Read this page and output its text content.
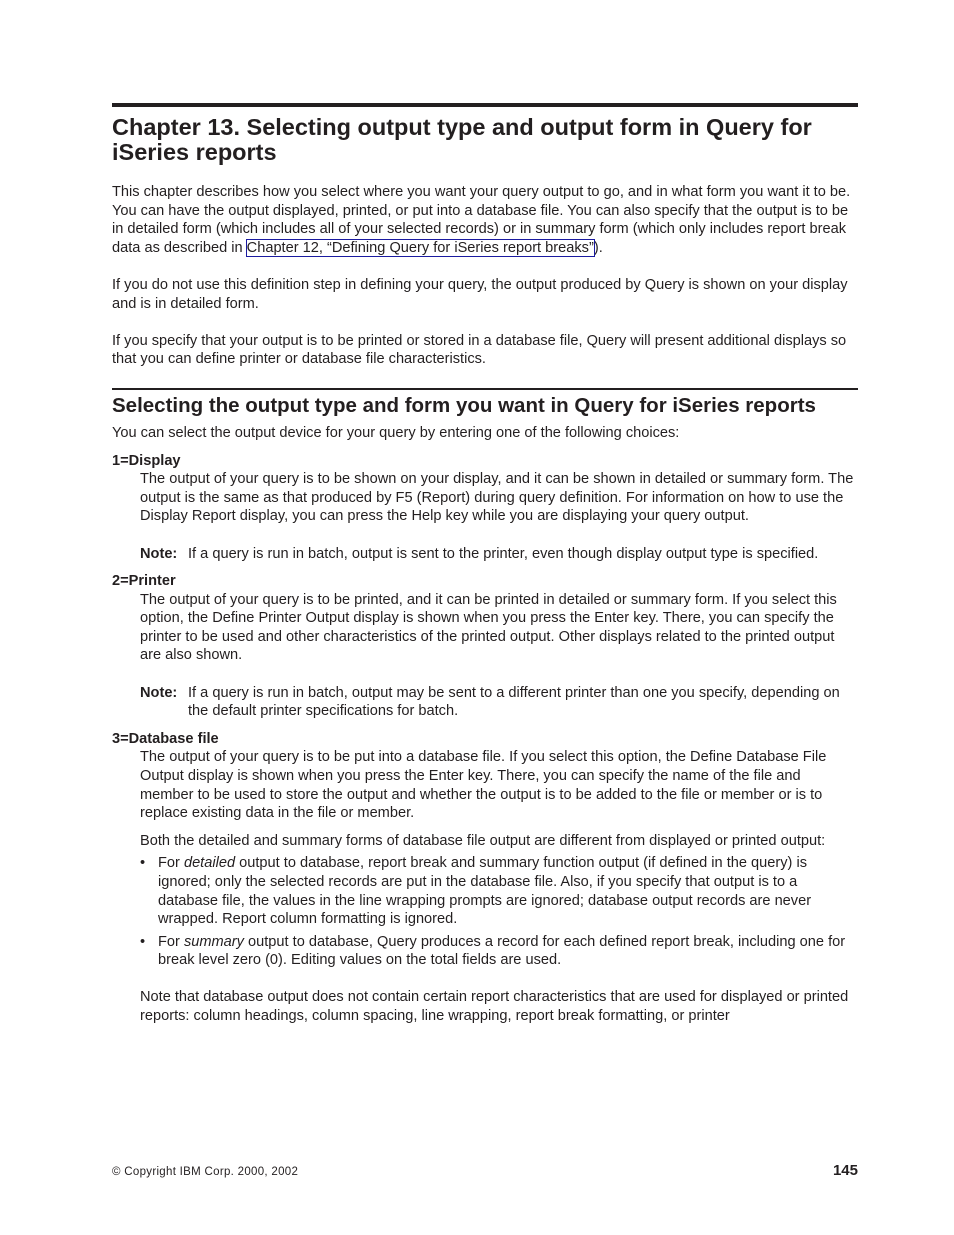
Chapter 13. Selecting output type and output form in Query for iSeries reports

This chapter describes how you select where you want your query output to go, and in what form you want it to be. You can have the output displayed, printed, or put into a database file. You can also specify that the output is to be in detailed form (which includes all of your selected records) or in summary form (which only includes report break data as described in Chapter 12, “Defining Query for iSeries report breaks”).

If you do not use this definition step in defining your query, the output produced by Query is shown on your display and is in detailed form.

If you specify that your output is to be printed or stored in a database file, Query will present additional displays so that you can define printer or database file characteristics.

Selecting the output type and form you want in Query for iSeries reports

You can select the output device for your query by entering one of the following choices:

1=Display

The output of your query is to be shown on your display, and it can be shown in detailed or summary form. The output is the same as that produced by F5 (Report) during query definition. For information on how to use the Display Report display, you can press the Help key while you are displaying your query output.

Note: If a query is run in batch, output is sent to the printer, even though display output type is specified.
2=Printer

The output of your query is to be printed, and it can be printed in detailed or summary form. If you select this option, the Define Printer Output display is shown when you press the Enter key. There, you can specify the printer to be used and other characteristics of the printed output. Other displays related to the printed output are also shown.

Note: If a query is run in batch, output may be sent to a different printer than one you specify, depending on the default printer specifications for batch.
3=Database file

The output of your query is to be put into a database file. If you select this option, the Define Database File Output display is shown when you press the Enter key. There, you can specify the name of the file and member to be used to store the output and whether the output is to be added to the file or member or is to replace existing data in the file or member.

Both the detailed and summary forms of database file output are different from displayed or printed output:

• For detailed output to database, report break and summary function output (if defined in the query) is ignored; only the selected records are put in the database file. Also, if you specify that output is to a database file, the values in the line wrapping prompts are ignored; database output records are never wrapped. Report column formatting is ignored.
• For summary output to database, Query produces a record for each defined report break, including one for break level zero (0). Editing values on the total fields are used.

Note that database output does not contain certain report characteristics that are used for displayed or printed reports: column headings, column spacing, line wrapping, report break formatting, or printer

© Copyright IBM Corp. 2000, 2002	145
